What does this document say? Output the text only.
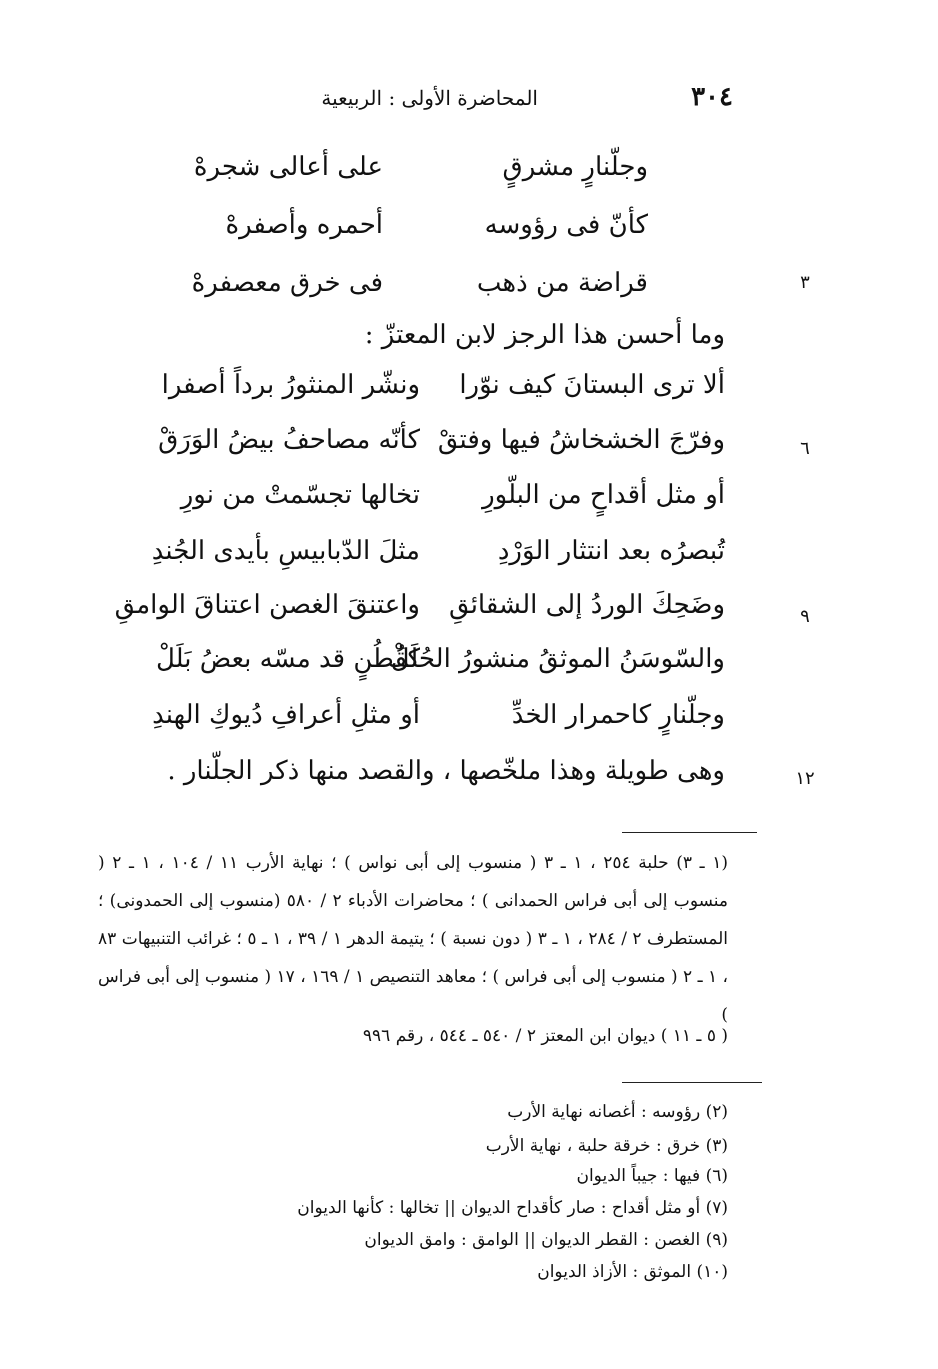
٣٠٤
المحاضرة الأولى : الربيعية
٣
وجلّنارٍ مشرقٍ
على أعالى شجرهْ
كأنّ فى رؤوسه
أحمره وأصفرهْ
قراضة من ذهب
فى خرق معصفرهْ
وما أحسن هذا الرجز لابن المعتزّ :
ألا ترى البستانَ كيف نوّرا
ونشّر المنثورُ برداً أصفرا
٦
وفرّجَ الخشخاشُ فيها وفتقْ
كأنّه مصاحفُ بيضُ الوَرَقْ
أو مثل أقداحٍ من البلّورِ
تخالها تجسّمتْ من نورِ
تُبصرُه بعد انتثار الوَرْدِ
مثلَ الدّبابيسِ بأيدى الجُندِ
٩
وضَحِكَ الوردُ إلى الشقائقِ
واعتنقَ الغصن اعتناقَ الوامقِ
والسّوسَنُ الموثقُ منشورُ الحُلَلْ
كقُطُنٍ قد مسّه بعضُ بَلَلْ
وجلّنارٍ كاحمرار الخدِّ
أو مثلِ أعرافِ دُيوكِ الهندِ
١٢
وهى طويلة وهذا ملخّصها ، والقصد منها ذكر الجلّنار .
(١ ـ ٣) حلبة ٢٥٤ ، ١ ـ ٣ ( منسوب إلى أبى نواس ) ؛ نهاية الأرب ١١ / ١٠٤ ، ١ ـ ٢ ( منسوب إلى أبى فراس الحمدانى ) ؛ محاضرات الأدباء ٢ / ٥٨٠ (منسوب إلى الحمدونى) ؛ المستطرف ٢ / ٢٨٤ ، ١ ـ ٣ ( دون نسبة ) ؛ يتيمة الدهر ١ / ٣٩ ، ١ ـ ٥ ؛ غرائب التنبيهات ٨٣ ، ١ ـ ٢ ( منسوب إلى أبى فراس ) ؛ معاهد التنصيص ١ / ١٦٩ ، ١٧ ( منسوب إلى أبى فراس )
( ٥ ـ ١١ ) ديوان ابن المعتز ٢ / ٥٤٠ ـ ٥٤٤ ، رقم ٩٩٦
(٢) رؤوسه : أغصانه نهاية الأرب
(٣) خرق : خرقة حلبة ، نهاية الأرب
(٦) فيها : جيباً الديوان
(٧) أو مثل أقداح : صار كأقداح الديوان || تخالها : كأنها الديوان
(٩) الغصن : القطر الديوان || الوامق : وامق الديوان
(١٠) الموثق : الأزاذ الديوان
